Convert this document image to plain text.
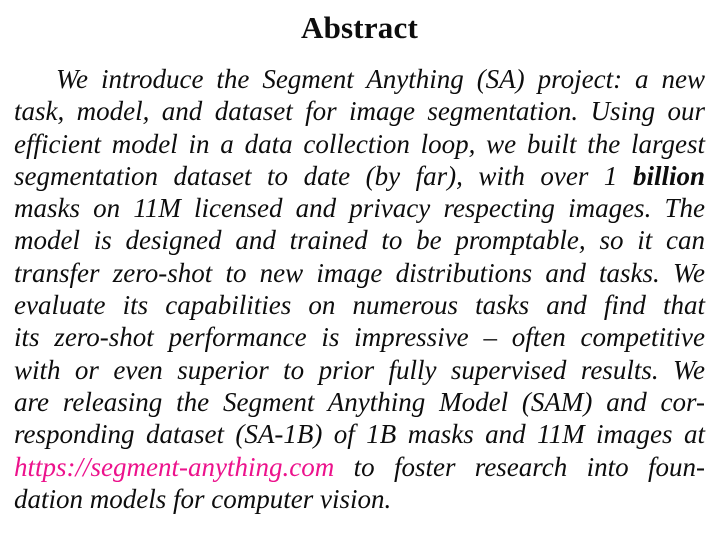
Abstract
We introduce the Segment Anything (SA) project: a new
task, model, and dataset for image segmentation. Using our
efficient model in a data collection loop, we built the largest
segmentation dataset to date (by far), with over 1 billion
masks on 11M licensed and privacy respecting images. The
model is designed and trained to be promptable, so it can
transfer zero-shot to new image distributions and tasks. We
evaluate its capabilities on numerous tasks and find that
its zero-shot performance is impressive – often competitive
with or even superior to prior fully supervised results. We
are releasing the Segment Anything Model (SAM) and cor-
responding dataset (SA-1B) of 1B masks and 11M images at
https://segment-anything.com to foster research into foun-
dation models for computer vision.
